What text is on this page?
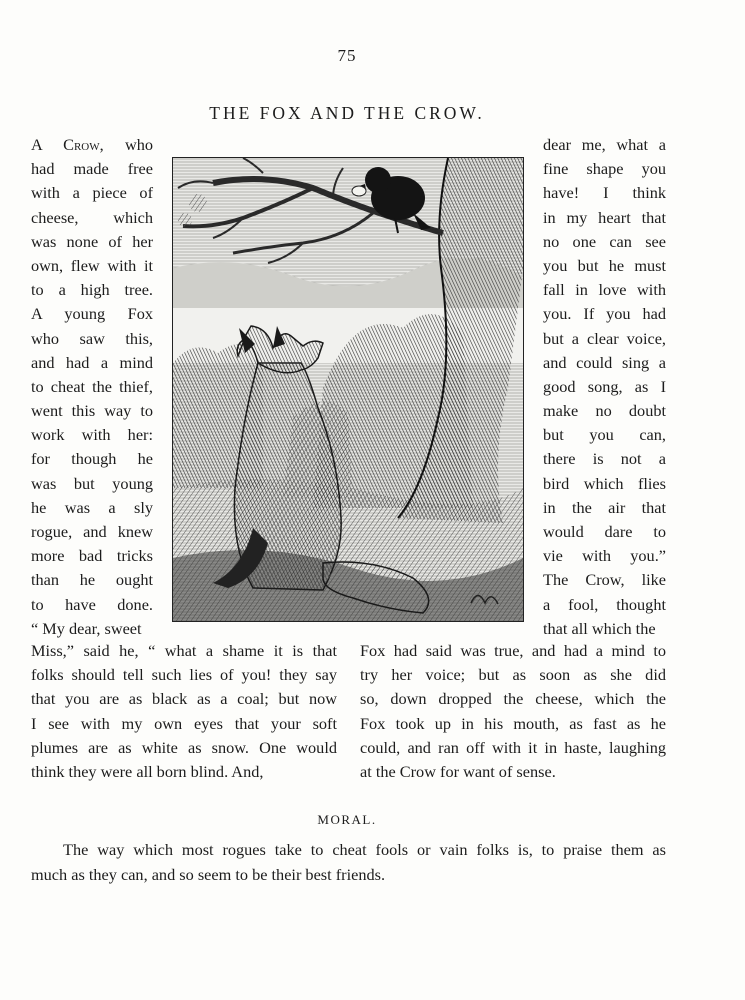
75
THE FOX AND THE CROW.
A Crow, who
had made free
with a piece of
cheese, which
was none of her
own, flew with it
to a high tree.
A young Fox
who saw this,
and had a mind
to cheat the thief,
went this way to
work with her:
for though he
was but young
he was a sly
rogue, and knew
more bad tricks
than he ought
to have done.
“ My dear, sweet
dear me, what a
fine shape you
have! I think
in my heart that
no one can see
you but he must
fall in love with
you. If you had
but a clear voice,
and could sing a
good song, as I
make no doubt
but you can,
there is not a
bird which flies
in the air that
would dare to
vie with you.”
The Crow, like
a fool, thought
that all which the
Miss,” said he, “ what a shame it is that
folks should tell such lies of you! they say
that you are as black as a coal; but now
I see with my own eyes that your soft
plumes are as white as snow. One would
think they were all born blind. And,
Fox had said was true, and had a mind to
try her voice; but as soon as she did
so, down dropped the cheese, which the
Fox took up in his mouth, as fast as he
could, and ran off with it in haste, laughing
at the Crow for want of sense.
MORAL.
The way which most rogues take to cheat fools or vain folks is, to praise them as
much as they can, and so seem to be their best friends.
